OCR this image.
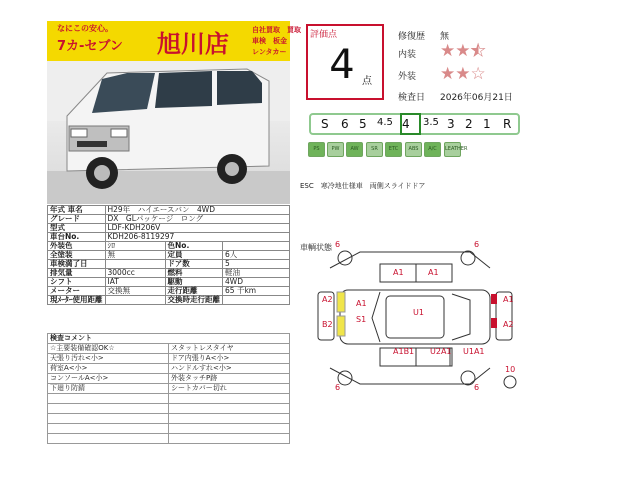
なにこの安心。
7カ-セブン 旭川店	自社買取　買取
車検　板金
レンタカー
年式 車名	H29年　ハイエースバン　4WD		
グレード	DX　GLパッケージ　ロング		
型式	LDF-KDH206V		
車台No.	KDH206-8119297		
外装色	ｼﾛ	色No.	
全塗装	無	定員	6人
車検満了日		ドア数	5
排気量	3000cc	燃料	軽油
シフト	IAT	駆動	4WD
メーター	交換無	走行距離	65 千km
現ﾒｰﾀｰ使用距離		交換時走行距離	
検査コメント	
☆主要装備確認OK☆	スタットレスタイヤ
天張り汚れ<小>	ドア内張りA<小>
荷室A<小>	ハンドルすれ<小>
コンソールA<小>	外装タッチP跡
下廻り防錆	シートカバー切れ

評価点
4 点
修復歴 無
内装 ★★★
外装 ★★☆
検査日 2026年06月21日
S 6 5 4.5 4 3.5 3 2 1 R
PS	PW	AW	SR	ETC	ABS	A/C	LEATHER
ESC　寒冷地仕様車　両側スライドドア
車輌状態
A1	A1
A2
B2
A1
S1
U1
A1
A2
A1B1 U2A1 U1A1
6	6
6	6
10
